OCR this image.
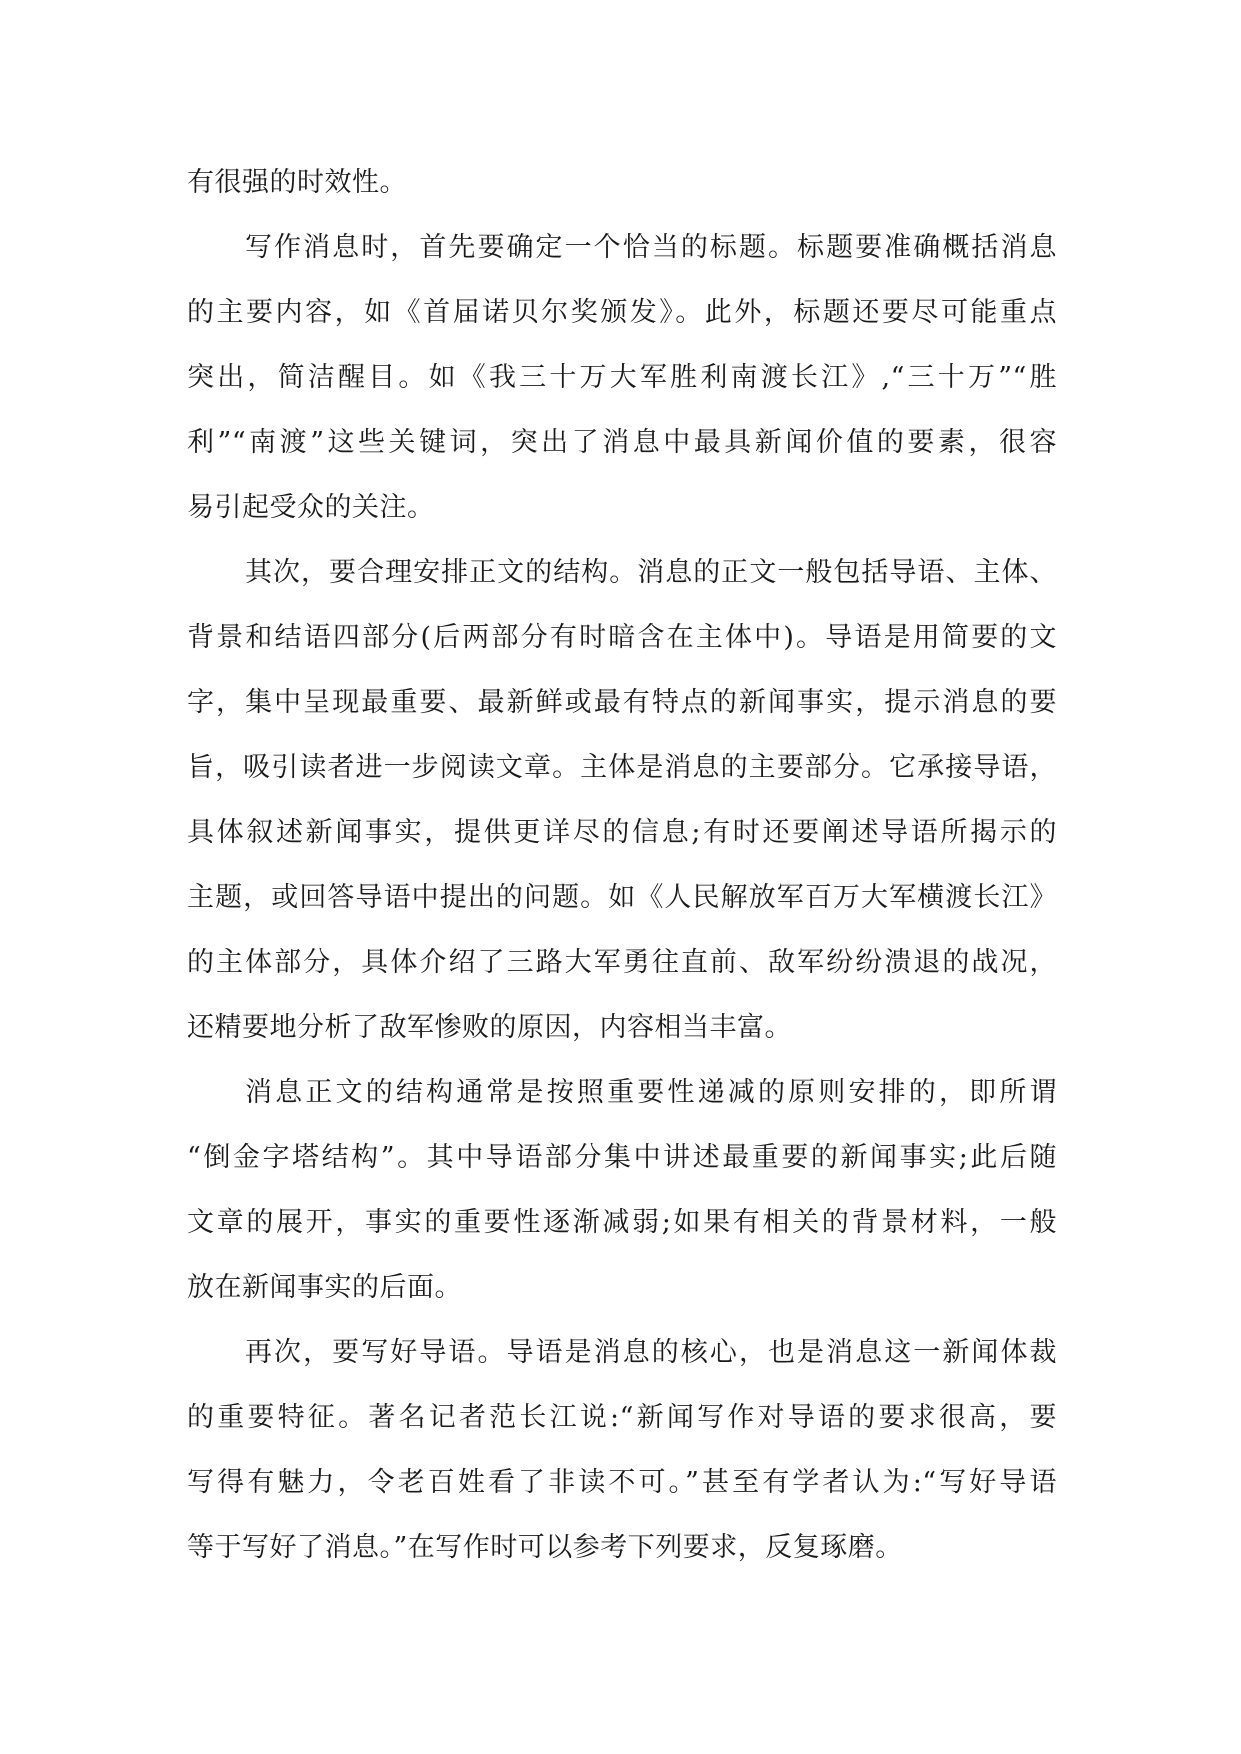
有很强的时效性。
写作消息时，首先要确定一个恰当的标题。标题要准确概括消息
的主要内容，如《首届诺贝尔奖颁发》。此外，标题还要尽可能重点
突出，简洁醒目。如《我三十万大军胜利南渡长江》,“三十万”“胜
利”“南渡”这些关键词，突出了消息中最具新闻价值的要素，很容
易引起受众的关注。
其次，要合理安排正文的结构。消息的正文一般包括导语、主体、
背景和结语四部分(后两部分有时暗含在主体中)。导语是用简要的文
字，集中呈现最重要、最新鲜或最有特点的新闻事实，提示消息的要
旨，吸引读者进一步阅读文章。主体是消息的主要部分。它承接导语，
具体叙述新闻事实，提供更详尽的信息;有时还要阐述导语所揭示的
主题，或回答导语中提出的问题。如《人民解放军百万大军横渡长江》
的主体部分，具体介绍了三路大军勇往直前、敌军纷纷溃退的战况，
还精要地分析了敌军惨败的原因，内容相当丰富。
消息正文的结构通常是按照重要性递减的原则安排的，即所谓
“倒金字塔结构”。其中导语部分集中讲述最重要的新闻事实;此后随
文章的展开，事实的重要性逐渐减弱;如果有相关的背景材料，一般
放在新闻事实的后面。
再次，要写好导语。导语是消息的核心，也是消息这一新闻体裁
的重要特征。著名记者范长江说:“新闻写作对导语的要求很高，要
写得有魅力，令老百姓看了非读不可。”甚至有学者认为:“写好导语
等于写好了消息。”在写作时可以参考下列要求，反复琢磨。
